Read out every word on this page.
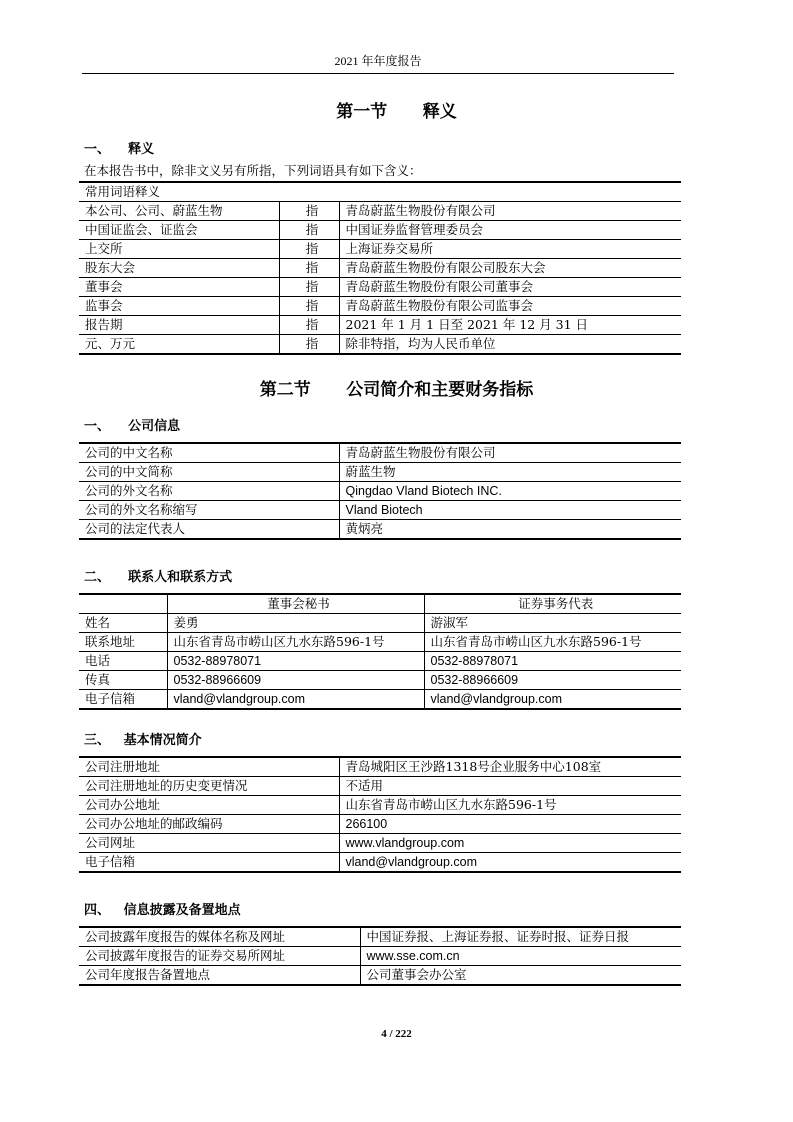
2021 年年度报告
第一节      释义
一、    释义
在本报告书中，除非文义另有所指，下列词语具有如下含义：
常用词语释义		
本公司、公司、蔚蓝生物	指	青岛蔚蓝生物股份有限公司
中国证监会、证监会	指	中国证券监督管理委员会
上交所	指	上海证券交易所
股东大会	指	青岛蔚蓝生物股份有限公司股东大会
董事会	指	青岛蔚蓝生物股份有限公司董事会
监事会	指	青岛蔚蓝生物股份有限公司监事会
报告期	指	2021 年 1 月 1 日至 2021 年 12 月 31 日
元、万元	指	除非特指，均为人民币单位
第二节      公司简介和主要财务指标
一、    公司信息
公司的中文名称	青岛蔚蓝生物股份有限公司
公司的中文简称	蔚蓝生物
公司的外文名称	Qingdao Vland Biotech INC.
公司的外文名称缩写	Vland Biotech
公司的法定代表人	黄炳亮
二、    联系人和联系方式
	董事会秘书	证券事务代表
姓名	姜勇	游淑军
联系地址	山东省青岛市崂山区九水东路596-1号	山东省青岛市崂山区九水东路596-1号
电话	0532-88978071	0532-88978071
传真	0532-88966609	0532-88966609
电子信箱	vland@vlandgroup.com	vland@vlandgroup.com
三、   基本情况简介
公司注册地址	青岛城阳区王沙路1318号企业服务中心108室
公司注册地址的历史变更情况	不适用
公司办公地址	山东省青岛市崂山区九水东路596-1号
公司办公地址的邮政编码	266100
公司网址	www.vlandgroup.com
电子信箱	vland@vlandgroup.com
四、   信息披露及备置地点
公司披露年度报告的媒体名称及网址	中国证券报、上海证券报、证券时报、证券日报
公司披露年度报告的证券交易所网址	www.sse.com.cn
公司年度报告备置地点	公司董事会办公室
4 / 222
